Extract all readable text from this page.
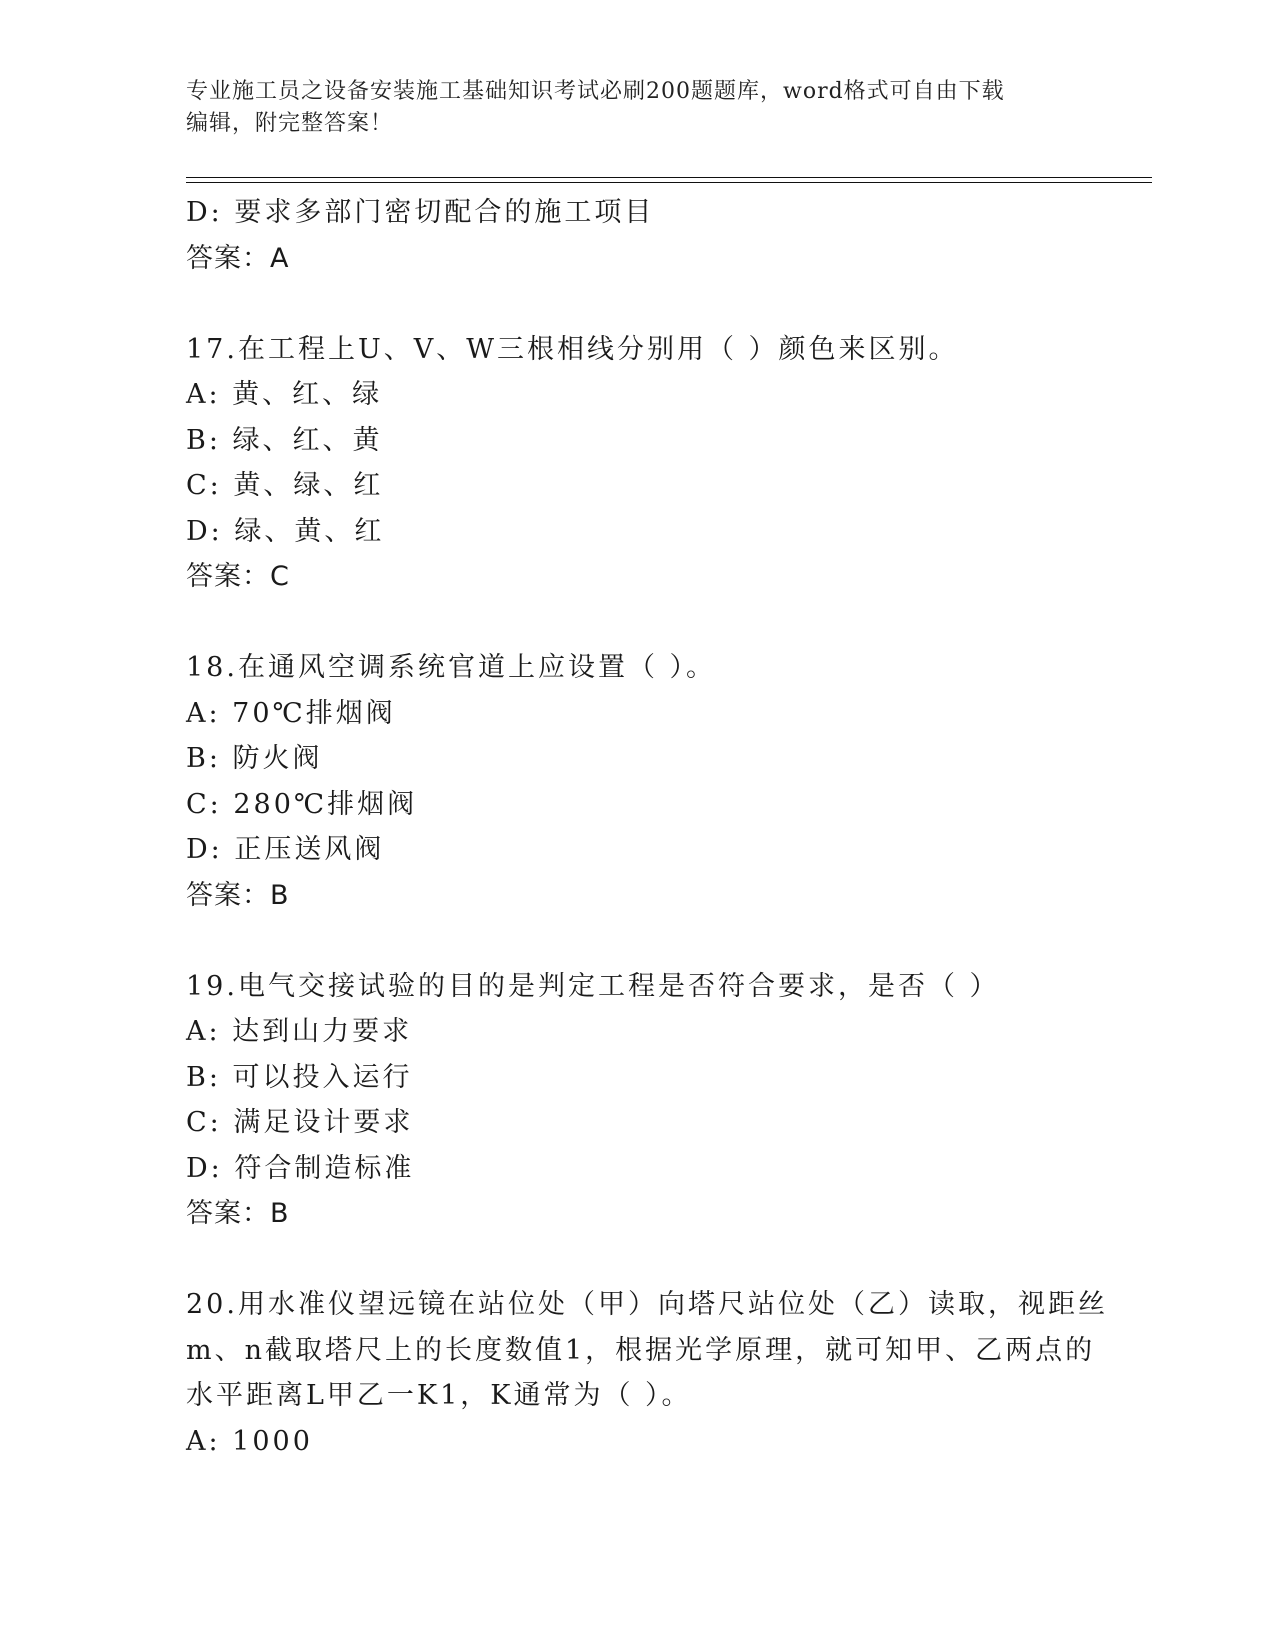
专业施工员之设备安装施工基础知识考试必刷200题题库，word格式可自由下载
编辑，附完整答案！
D: 要求多部门密切配合的施工项目
答案：A
17.在工程上U、V、W三根相线分别用（ ）颜色来区别。
A: 黄、红、绿
B: 绿、红、黄
C: 黄、绿、红
D: 绿、黄、红
答案：C
18.在通风空调系统官道上应设置（ ）。
A: 70℃排烟阀
B: 防火阀
C: 280℃排烟阀
D: 正压送风阀
答案：B
19.电气交接试验的目的是判定工程是否符合要求，是否（ ）
A: 达到山力要求
B: 可以投入运行
C: 满足设计要求
D: 符合制造标准
答案：B
20.用水准仪望远镜在站位处（甲）向塔尺站位处（乙）读取，视距丝
m、n截取塔尺上的长度数值1，根据光学原理，就可知甲、乙两点的
水平距离L甲乙一K1，K通常为（ ）。
A: 1000
